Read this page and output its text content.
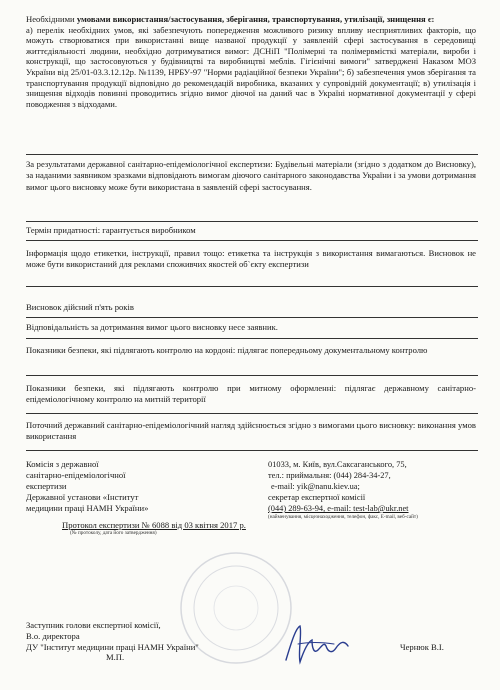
Необхідними умовами використання/застосування, зберігання, транспортування, утилізації, знищення є:
а) перелік необхідних умов, які забезпечують попередження можливого ризику впливу несприятливих факторів, що можуть створюватися при використанні вище названої продукції у заявленій сфері застосування в середовищі життєдіяльності людини, необхідно дотримуватися вимог: ДСНіП "Полімерні та полімервмісткі матеріали, вироби і конструкції, що застосовуються у будівництві та виробництві меблів. Гігієнічні вимоги" затверджені Наказом МОЗ України від 25/01-03.3.12.12р. №1139, НРБУ-97 "Норми радіаційної безпеки України"; б) забезпечення умов зберігання та транспортування продукції відповідно до рекомендацій виробника, вказаних у супровідній документації; в) утилізація і знищення відходів повинні проводитись згідно вимог діючої на даний час в Україні нормативної документації у сфері поводження з відходами.
За результатами державної санітарно-епідеміологічної експертизи: Будівельні матеріали (згідно з додатком до Висновку), за наданими заявником зразками відповідають вимогам діючого санітарного законодавства України і за умови дотримання вимог цього висновку може бути використана в заявленій сфері застосування.
Термін придатності: гарантується виробником
Інформація щодо етикетки, інструкції, правил тощо: етикетка та інструкція з використання вимагаються. Висновок не може бути використаний для реклами споживчих якостей об`єкту експертизи
Висновок дійсний п'ять років
Відповідальність за дотримання вимог цього висновку несе заявник.
Показники безпеки, які підлягають контролю на кордоні: підлягає попередньому документальному контролю
Показники безпеки, які підлягають контролю при митному оформленні: підлягає державному санітарно-епідеміологічному контролю на митній території
Поточний державний санітарно-епідеміологічний нагляд здійснюється згідно з вимогами цього висновку: виконання умов використання
Комісія з державної
санітарно-епідеміологічної
експертизи
Державної установи «Інститут
медицини праці НАМН України»
01033, м. Київ, вул.Саксаганського, 75,
тел.: приймальня: (044) 284-34-27,
e-mail: yik@nanu.kiev.ua;
секретар експертної комісії
(044) 289-63-94, e-mail: test-lab@ukr.net
(найменування, місцезнаходження, телефон, факс, E-mail, веб-сайт)
Протокол експертизи № 6088 від 03 квітня 2017 р.
(№ протоколу, дата його затвердження)
Заступник голови експертної комісії,
В.о. директора
ДУ "Інститут медицини праці НАМН України"
М.П.
Чернюк В.І.
